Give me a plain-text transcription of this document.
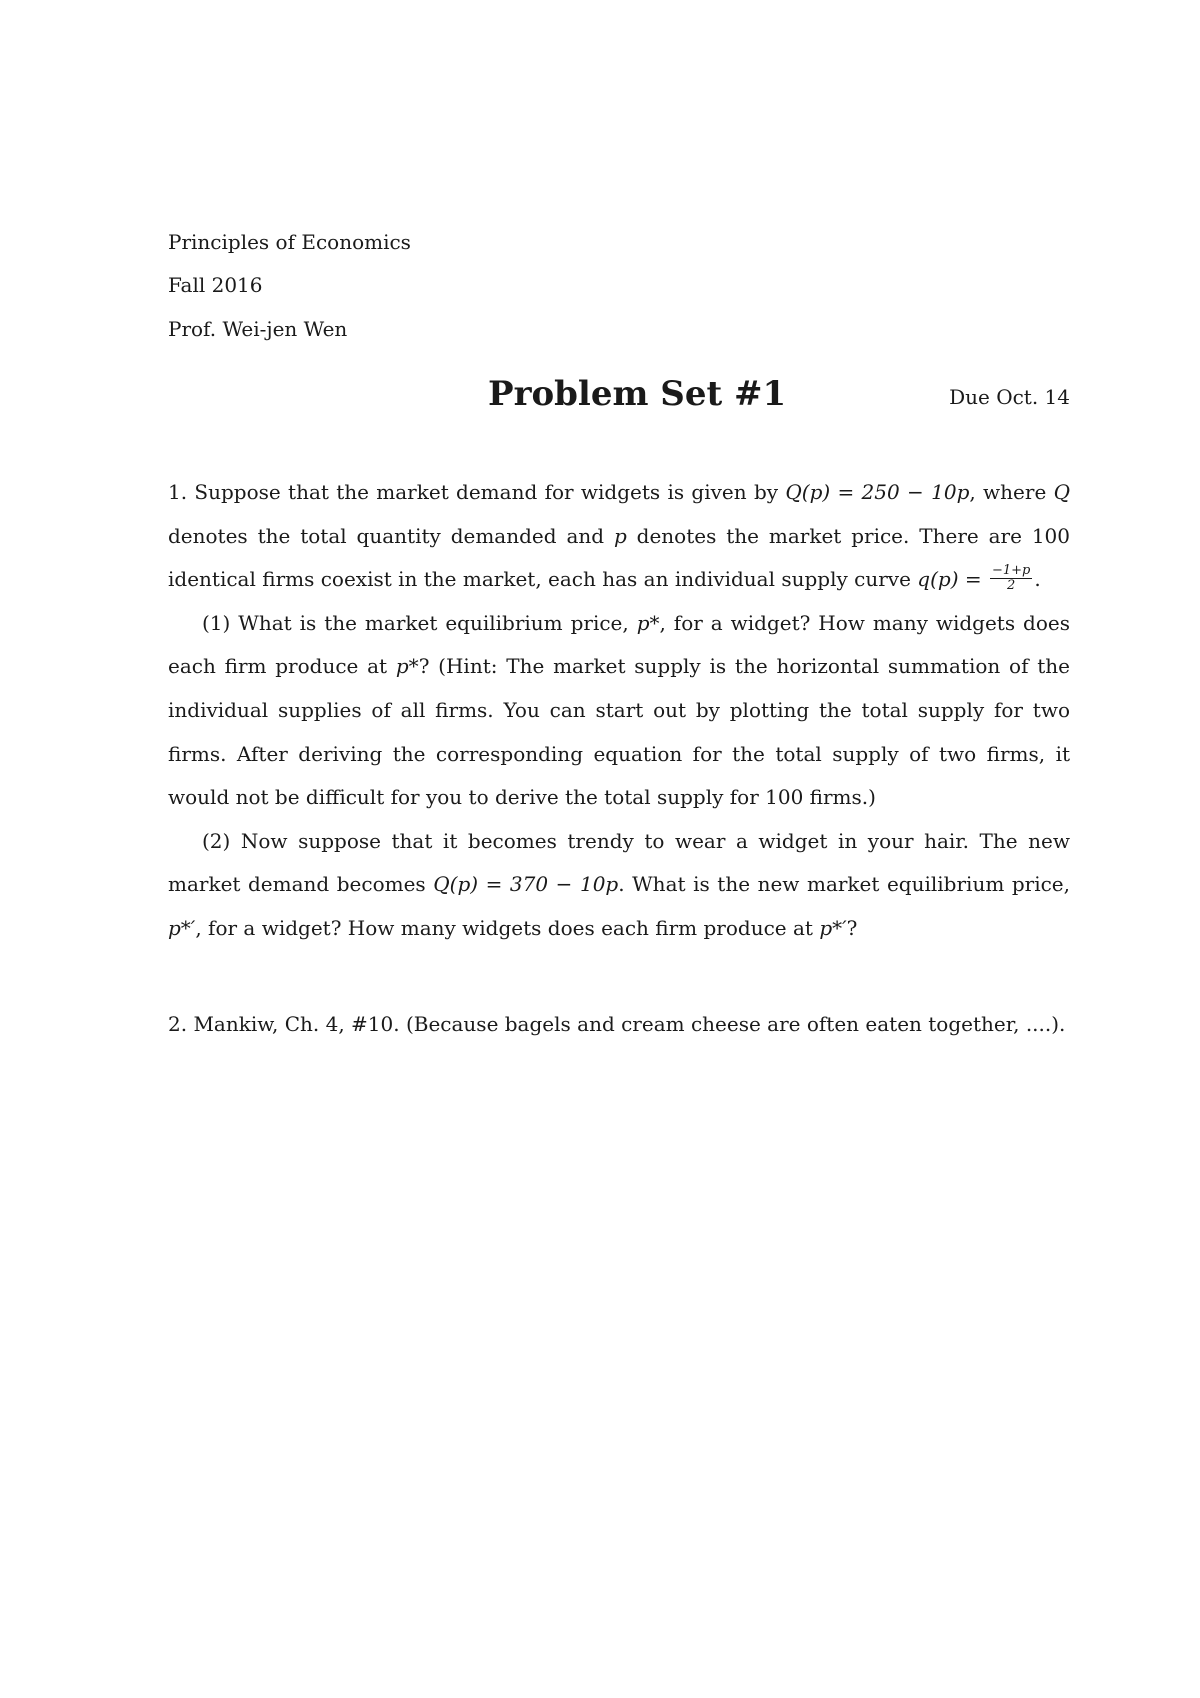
Principles of Economics

Fall 2016

Prof. Wei-jen Wen

Problem Set #1	Due Oct. 14

1. Suppose that the market demand for widgets is given by Q(p) = 250 − 10p, where Q denotes the total quantity demanded and p denotes the market price. There are 100 identical firms coexist in the market, each has an individual supply curve $q(p) = \frac{-1+p}{2}$ .

(1) What is the market equilibrium price, p*, for a widget? How many widgets does each firm produce at p*? (Hint: The market supply is the horizontal summation of the individual supplies of all firms. You can start out by plotting the total supply for two firms. After deriving the corresponding equation for the total supply of two firms, it would not be difficult for you to derive the total supply for 100 firms.)

(2) Now suppose that it becomes trendy to wear a widget in your hair. The new market demand becomes Q(p) = 370 − 10p. What is the new market equilibrium price, p*′, for a widget? How many widgets does each firm produce at p*′?

2. Mankiw, Ch. 4, #10. (Because bagels and cream cheese are often eaten together, ....).
